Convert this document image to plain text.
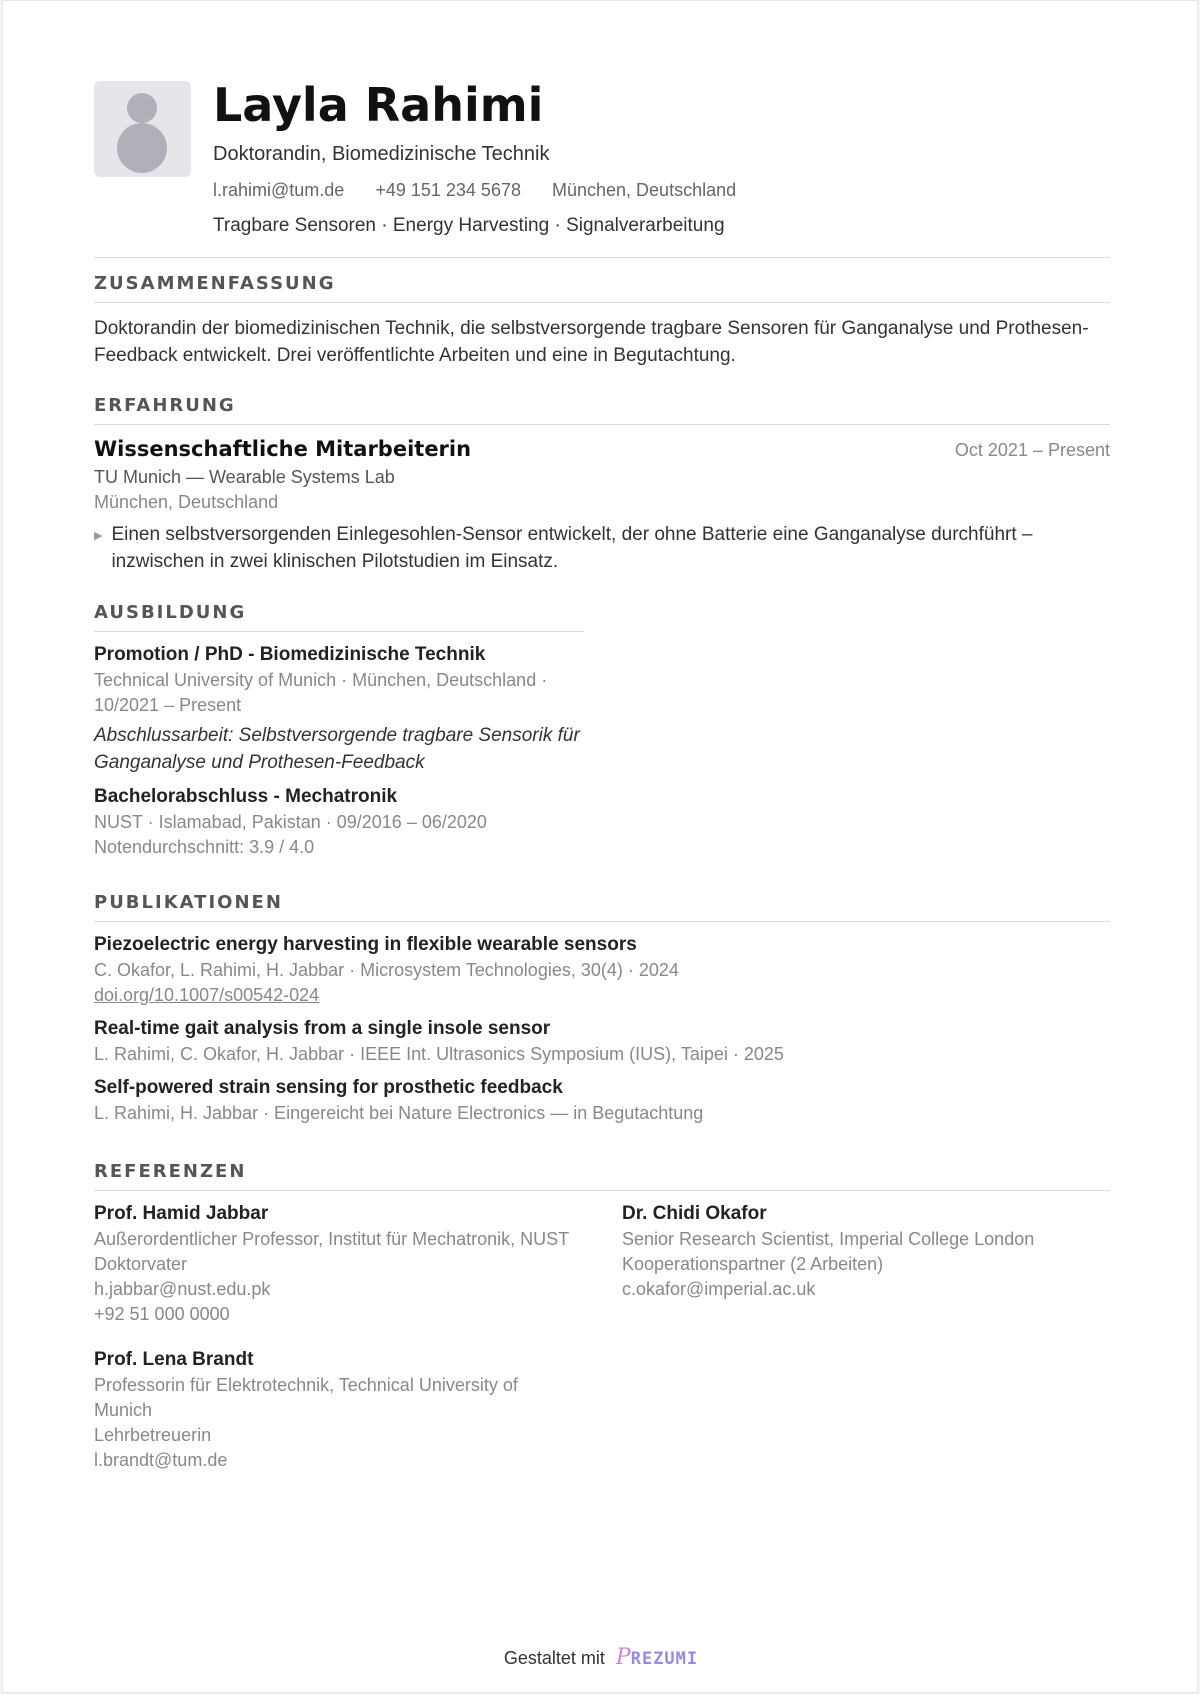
Layla Rahimi
Doktorandin, Biomedizinische Technik
l.rahimi@tum.de +49 151 234 5678 München, Deutschland
Tragbare Sensoren · Energy Harvesting · Signalverarbeitung
ZUSAMMENFASSUNG
Doktorandin der biomedizinischen Technik, die selbstversorgende tragbare Sensoren für Ganganalyse und Prothesen-Feedback entwickelt. Drei veröffentlichte Arbeiten und eine in Begutachtung.
ERFAHRUNG
Wissenschaftliche Mitarbeiterin	Oct 2021 – Present
TU Munich — Wearable Systems Lab
München, Deutschland
▶ Einen selbstversorgenden Einlegesohlen-Sensor entwickelt, der ohne Batterie eine Ganganalyse durchführt – inzwischen in zwei klinischen Pilotstudien im Einsatz.
AUSBILDUNG
Promotion / PhD - Biomedizinische Technik
Technical University of Munich · München, Deutschland · 10/2021 – Present
Abschlussarbeit: Selbstversorgende tragbare Sensorik für Ganganalyse und Prothesen-Feedback
Bachelorabschluss - Mechatronik
NUST · Islamabad, Pakistan · 09/2016 – 06/2020
Notendurchschnitt: 3.9 / 4.0
PUBLIKATIONEN
Piezoelectric energy harvesting in flexible wearable sensors
C. Okafor, L. Rahimi, H. Jabbar · Microsystem Technologies, 30(4) · 2024
doi.org/10.1007/s00542-024
Real-time gait analysis from a single insole sensor
L. Rahimi, C. Okafor, H. Jabbar · IEEE Int. Ultrasonics Symposium (IUS), Taipei · 2025
Self-powered strain sensing for prosthetic feedback
L. Rahimi, H. Jabbar · Eingereicht bei Nature Electronics — in Begutachtung
REFERENZEN
Prof. Hamid Jabbar
Außerordentlicher Professor, Institut für Mechatronik, NUST
Doktorvater
h.jabbar@nust.edu.pk
+92 51 000 0000
Dr. Chidi Okafor
Senior Research Scientist, Imperial College London
Kooperationspartner (2 Arbeiten)
c.okafor@imperial.ac.uk
Prof. Lena Brandt
Professorin für Elektrotechnik, Technical University of Munich
Lehrbetreuerin
l.brandt@tum.de
Gestaltet mit PREZUMI
